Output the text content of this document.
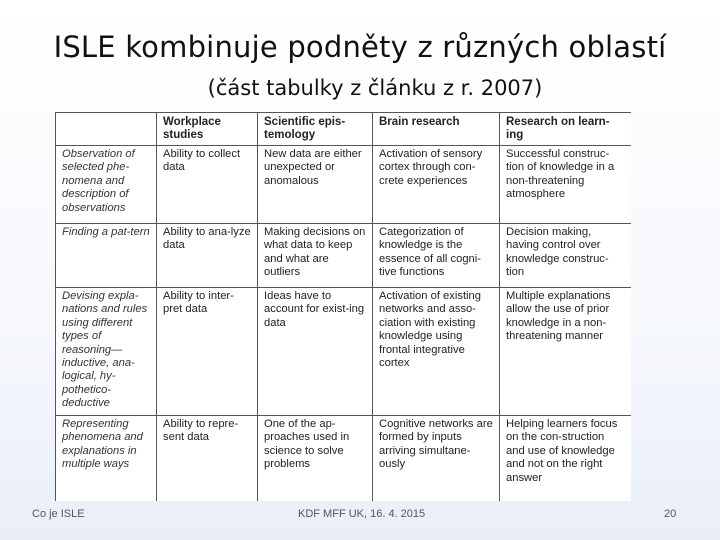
ISLE kombinuje podněty z různých oblastí
(část tabulky z článku z r. 2007)
	Workplace studies	Scientific epis-temology	Brain research	Research on learn-ing
Observation of selected phe-nomena and description of observations	Ability to collect data	New data are either unexpected or anomalous	Activation of sensory cortex through con-crete experiences	Successful construc-tion of knowledge in a non-threatening atmosphere
Finding a pat-tern	Ability to ana-lyze data	Making decisions on what data to keep and what are outliers	Categorization of knowledge is the essence of all cogni-tive functions	Decision making, having control over knowledge construc-tion
Devising expla-nations and rules using different types of reasoning—inductive, ana-logical, hy-pothetico-deductive	Ability to inter-pret data	Ideas have to account for exist-ing data	Activation of existing networks and asso-ciation with existing knowledge using frontal integrative cortex	Multiple explanations allow the use of prior knowledge in a non-threatening manner
Representing phenomena and explanations in multiple ways	Ability to repre-sent data	One of the ap-proaches used in science to solve problems	Cognitive networks are formed by inputs arriving simultane-ously	Helping learners focus on the con-struction and use of knowledge and not on the right answer
Co je ISLE	KDF MFF UK, 16. 4. 2015	20
